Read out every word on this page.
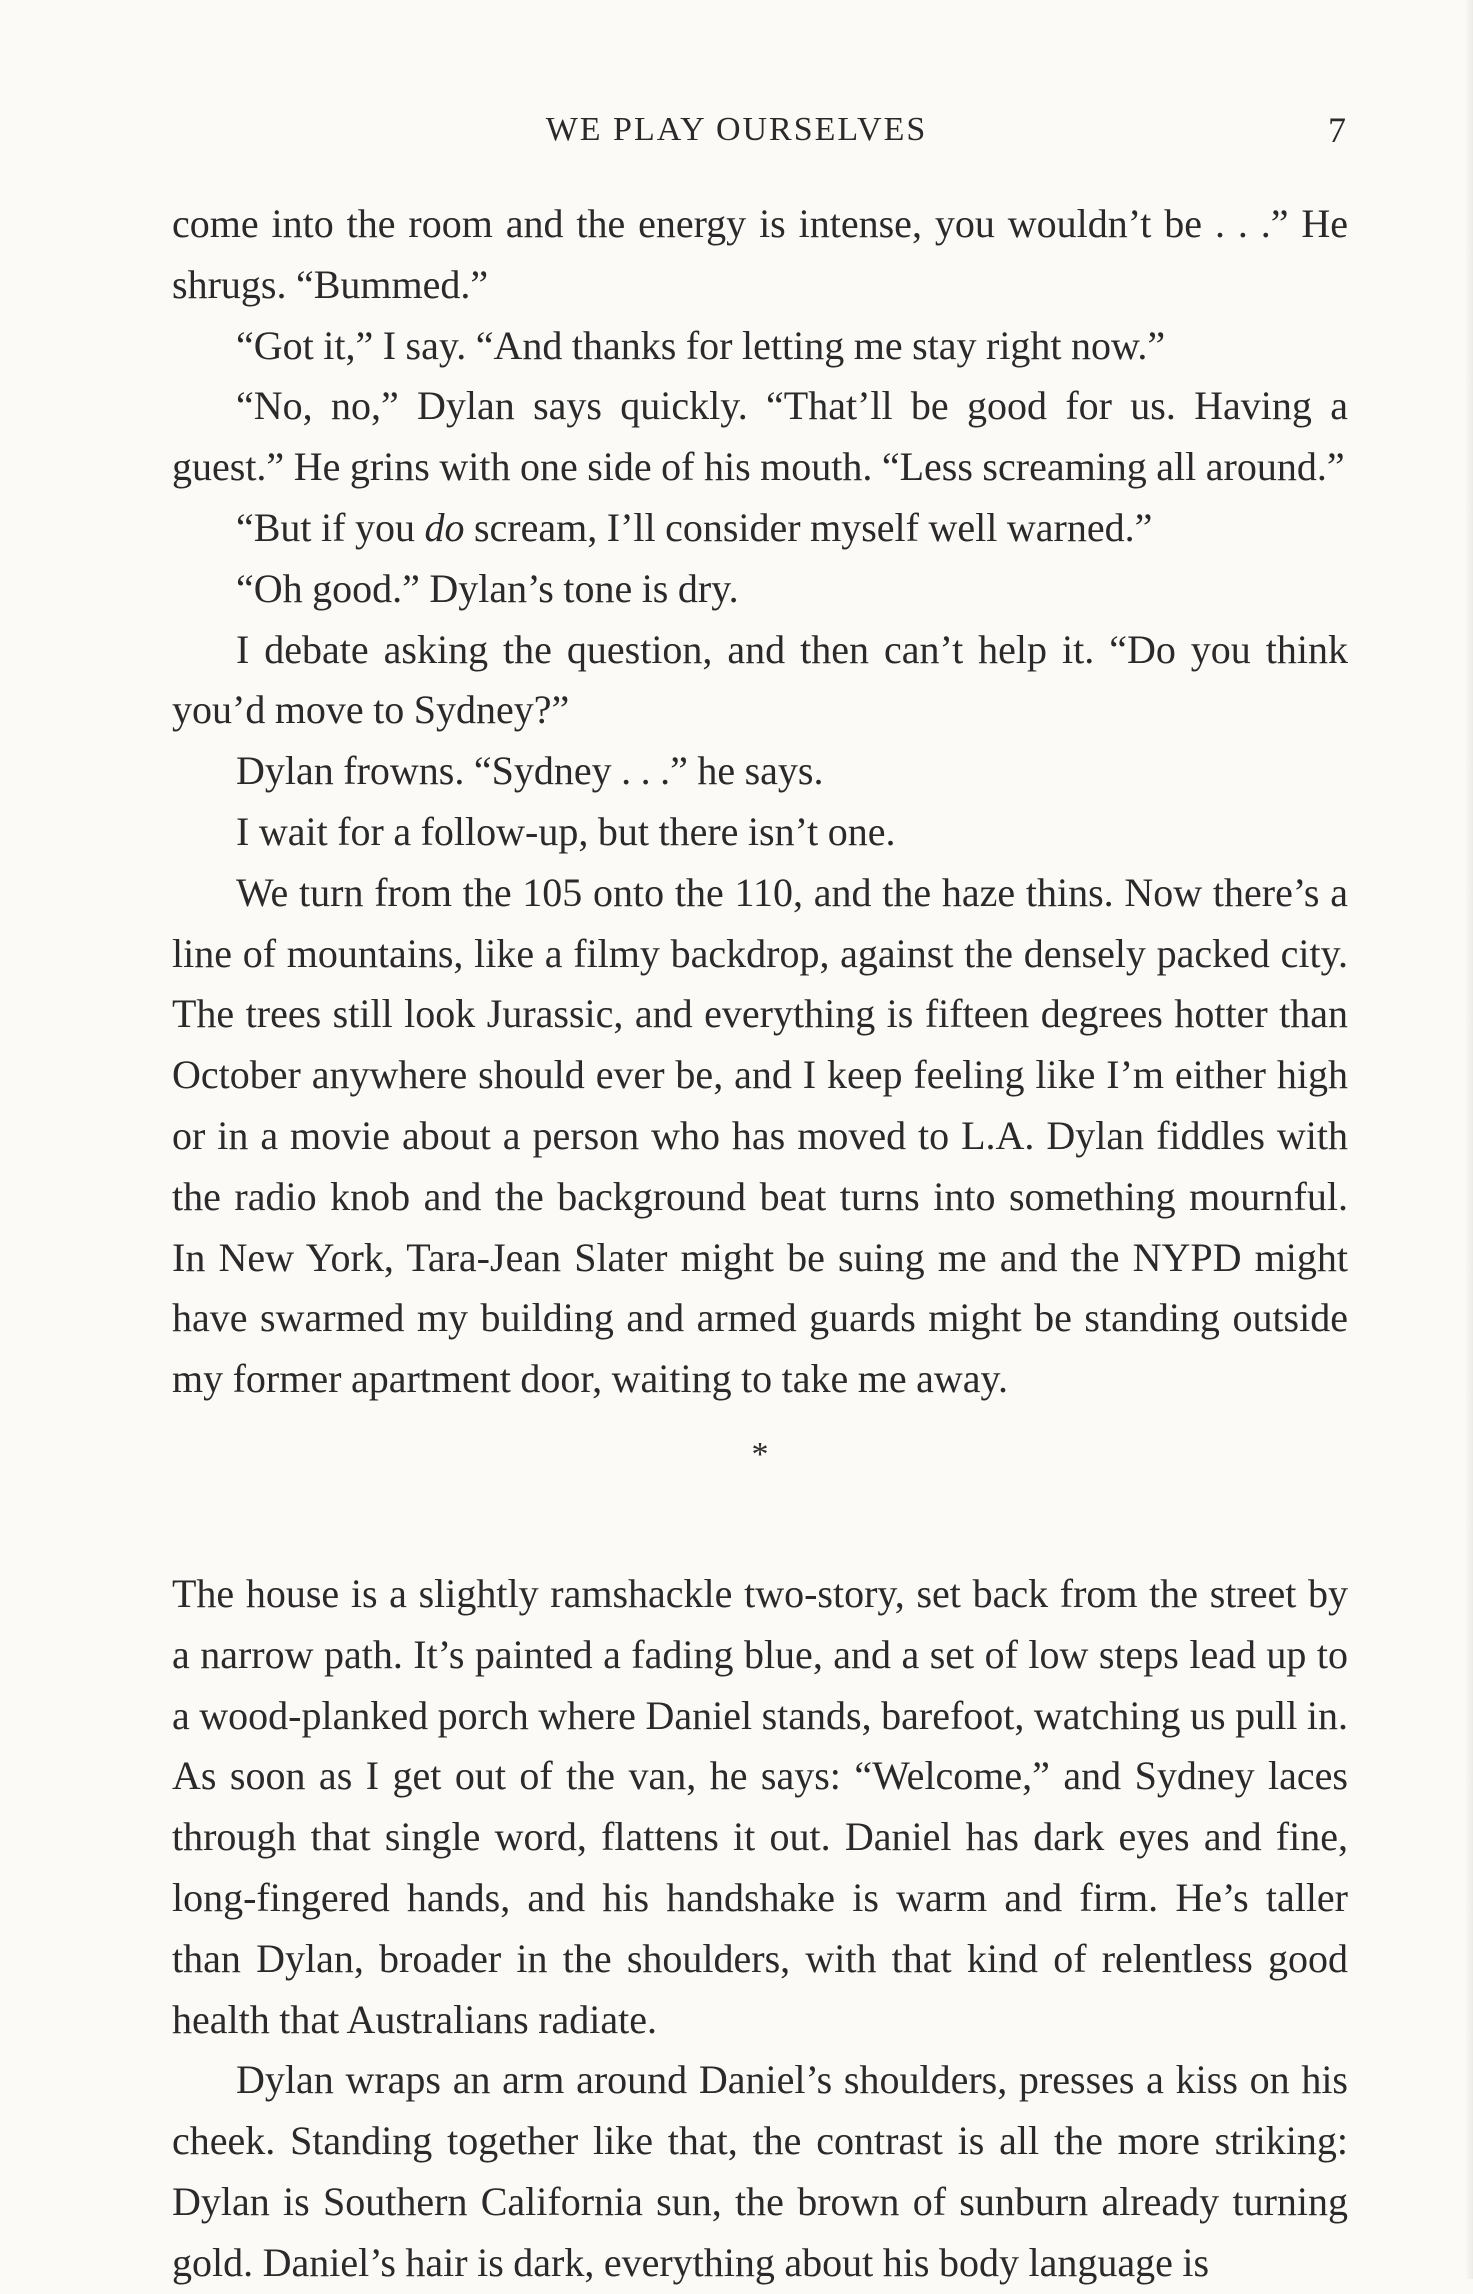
WE PLAY OURSELVES	7

come into the room and the energy is intense, you wouldn’t be . . .” He shrugs. “Bummed.”

“Got it,” I say. “And thanks for letting me stay right now.”

“No, no,” Dylan says quickly. “That’ll be good for us. Having a guest.” He grins with one side of his mouth. “Less screaming all around.”

“But if you do scream, I’ll consider myself well warned.”

“Oh good.” Dylan’s tone is dry.

I debate asking the question, and then can’t help it. “Do you think you’d move to Sydney?”

Dylan frowns. “Sydney . . .” he says.

I wait for a follow-up, but there isn’t one.

We turn from the 105 onto the 110, and the haze thins. Now there’s a line of mountains, like a filmy backdrop, against the densely packed city. The trees still look Jurassic, and everything is fifteen degrees hotter than October anywhere should ever be, and I keep feeling like I’m either high or in a movie about a person who has moved to L.A. Dylan fiddles with the radio knob and the background beat turns into something mournful. In New York, Tara-Jean Slater might be suing me and the NYPD might have swarmed my building and armed guards might be standing outside my former apartment door, waiting to take me away.

*

The house is a slightly ramshackle two-story, set back from the street by a narrow path. It’s painted a fading blue, and a set of low steps lead up to a wood-planked porch where Daniel stands, barefoot, watching us pull in. As soon as I get out of the van, he says: “Welcome,” and Sydney laces through that single word, flattens it out. Daniel has dark eyes and fine, long-fingered hands, and his handshake is warm and firm. He’s taller than Dylan, broader in the shoulders, with that kind of relentless good health that Australians radiate.

Dylan wraps an arm around Daniel’s shoulders, presses a kiss on his cheek. Standing together like that, the contrast is all the more striking: Dylan is Southern California sun, the brown of sunburn already turning gold. Daniel’s hair is dark, everything about his body language is
